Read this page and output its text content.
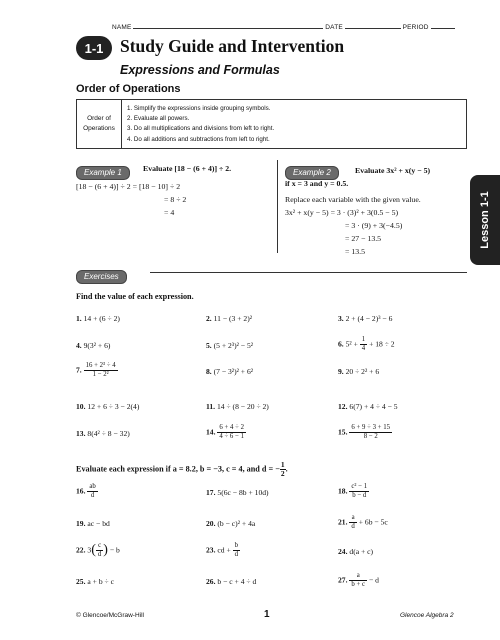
NAME	DATE	PERIOD
1-1 Study Guide and Intervention
Expressions and Formulas
Order of Operations
Order of
Operations
1. Simplify the expressions inside grouping symbols.
2. Evaluate all powers.
3. Do all multiplications and divisions from left to right.
4. Do all additions and subtractions from left to right.
Example 1	Evaluate [18 − (6 + 4)] ÷ 2.
[18 − (6 + 4)] ÷ 2 = [18 − 10] ÷ 2
= 8 ÷ 2
= 4
Example 2	Evaluate 3x² + x(y − 5)
if x = 3 and y = 0.5.
Replace each variable with the given value.
3x² + x(y − 5) = 3 · (3)² + 3(0.5 − 5)
= 3 · (9) + 3(−4.5)
= 27 − 13.5
= 13.5
Lesson 1-1
Exercises
Find the value of each expression.
1. 14 + (6 ÷ 2)	2. 11 − (3 + 2)²	3. 2 + (4 − 2)³ − 6
4. 9(3² + 6)	5. (5 + 2³)² − 5²	6. $5^2 + \frac{1}{4} + 18 \div 2$
7. $\frac{\text{16 + 2³ ÷ 4}}{\text{1 − 2²}}$	8. (7 − 3²)² + 6²	9. 20 ÷ 2² + 6
10. 12 + 6 ÷ 3 − 2(4)	11. 14 ÷ (8 − 20 ÷ 2)	12. 6(7) + 4 ÷ 4 − 5
13. 8(4² ÷ 8 − 32)	14. $\frac{6 + 4 \div 2}{4 \div 6 - 1}$	15. $\frac{6 + 9 \div 3 + 15}{8 - 2}$
Evaluate each expression if a = 8.2, b = −3, c = 4, and d = − $\frac{1}{2}$ .
16. $\frac{ab}{d}$	17. 5(6c − 8b + 10d)	18. $\frac{\text{c² − 1}}{b - d}$
19. ac − bd	20. (b − c)² + 4a	21. $\frac{a}{d} + 6b - 5c$
22. $3( \frac{c}{d}$ ) − b	23. cd + $\frac{b}{d}$	24. d(a + c)
25. a + b ÷ c	26. b − c + 4 ÷ d	27. $\frac{a}{b + c} - d$
© Glencoe/McGraw-Hill	1	Glencoe Algebra 2
